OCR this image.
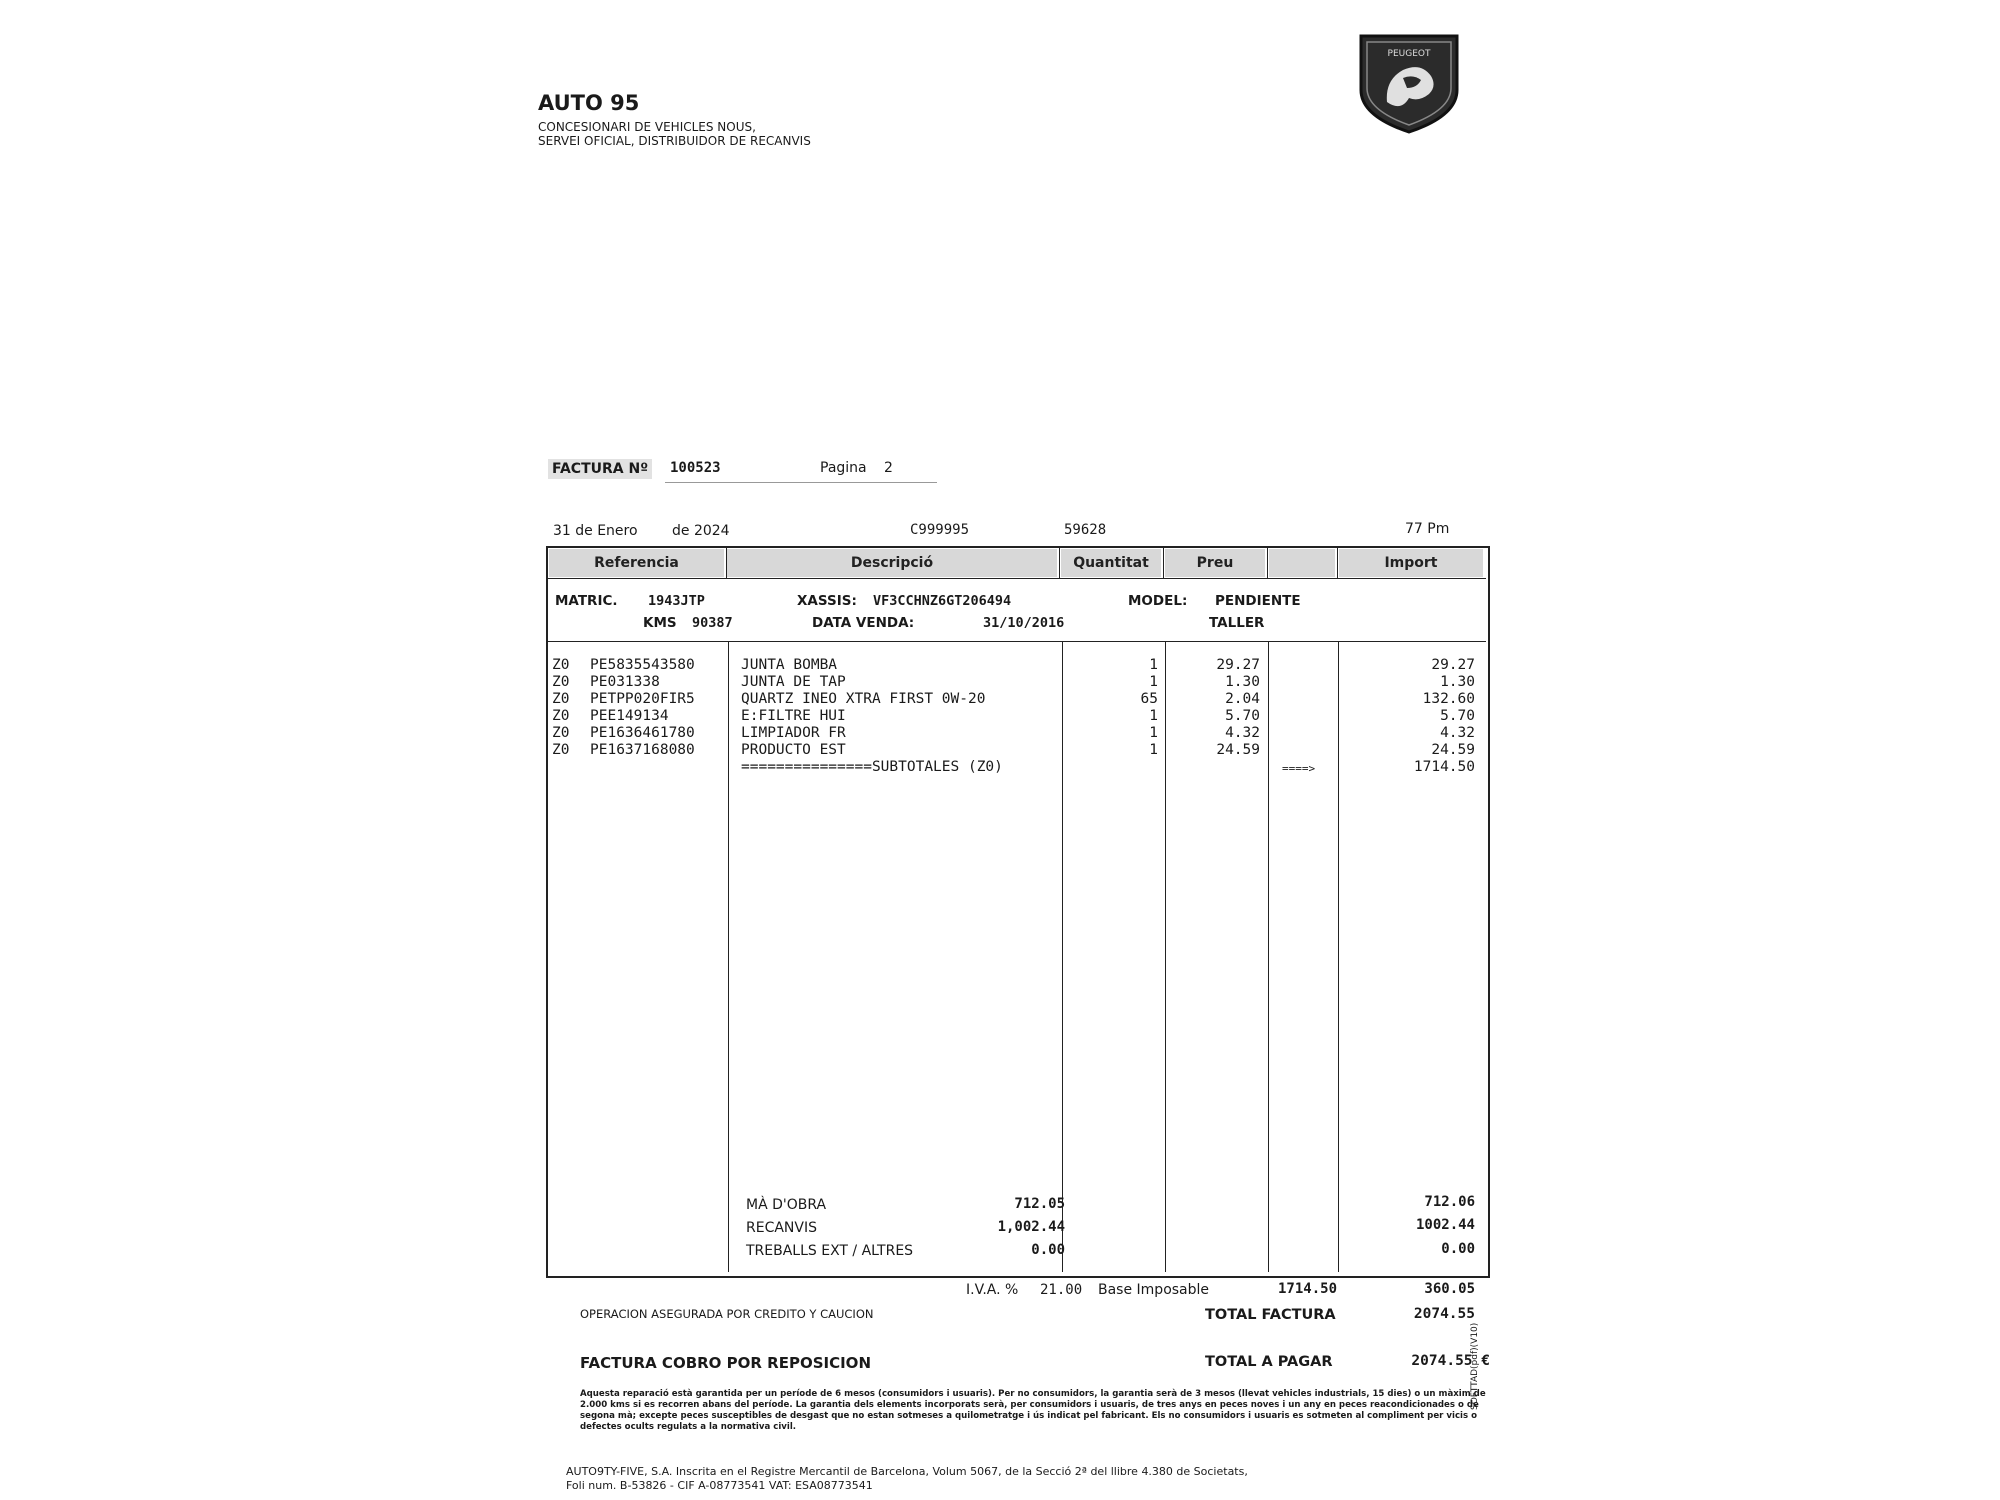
AUTO 95
CONCESIONARI DE VEHICLES NOUS,
SERVEI OFICIAL, DISTRIBUIDOR DE RECANVIS
PEUGEOT
FACTURA Nº 100523	Pagina 2
31 de Enero de 2024	C999995	59628	77 Pm
Referencia	Descripció	Quantitat	Preu	Import
MATRIC. 1943JTP
KMS 90387
XASSIS: VF3CCHNZ6GT206494
DATA VENDA:	31/10/2016
MODEL: PENDIENTE
TALLER
Z0 PE5835543580	JUNTA BOMBA	1	29.27	29.27
Z0 PE031338	JUNTA DE TAP	1	1.30	1.30
Z0 PETPP020FIR5	QUARTZ INEO XTRA FIRST 0W-20	65	2.04	132.60
Z0 PEE149134	E:FILTRE HUI	1	5.70	5.70
Z0 PE1636461780	LIMPIADOR FR	1	4.32	4.32
Z0 PE1637168080	PRODUCTO EST	1	24.59	24.59
===============SUBTOTALES (Z0)	====>	1714.50
MÀ D'OBRA	712.05	712.06
RECANVIS	1,002.44	1002.44
TREBALLS EXT / ALTRES	0.00	0.00
I.V.A. % 21.00 Base Imposable	1714.50	360.05
OPERACION ASEGURADA POR CREDITO Y CAUCION	TOTAL FACTURA	2074.55
FACTURA COBRO POR REPOSICION	TOTAL A PAGAR	2074.55 €
Aquesta reparació està garantida per un període de 6 mesos (consumidors i usuaris). Per no consumidors, la garantia serà de 3 mesos (llevat vehicles industrials, 15 dies) o un màxim de 2.000 kms si es recorren abans del període. La garantia dels elements incorporats serà, per consumidors i usuaris, de tres anys en peces noves i un any en peces reacondicionades o de segona mà; excepte peces susceptibles de desgast que no estan sotmeses a quilometratge i ús indicat pel fabricant. Els no consumidors i usuaris es sotmeten al compliment per vicis o defectes ocults regulats a la normativa civil.
SOFTTAD(pdf)(V10)
AUTO9TY-FIVE, S.A. Inscrita en el Registre Mercantil de Barcelona, Volum 5067, de la Secció 2ª del llibre 4.380 de Societats,
Foli num. B-53826 - CIF A-08773541 VAT: ESA08773541
